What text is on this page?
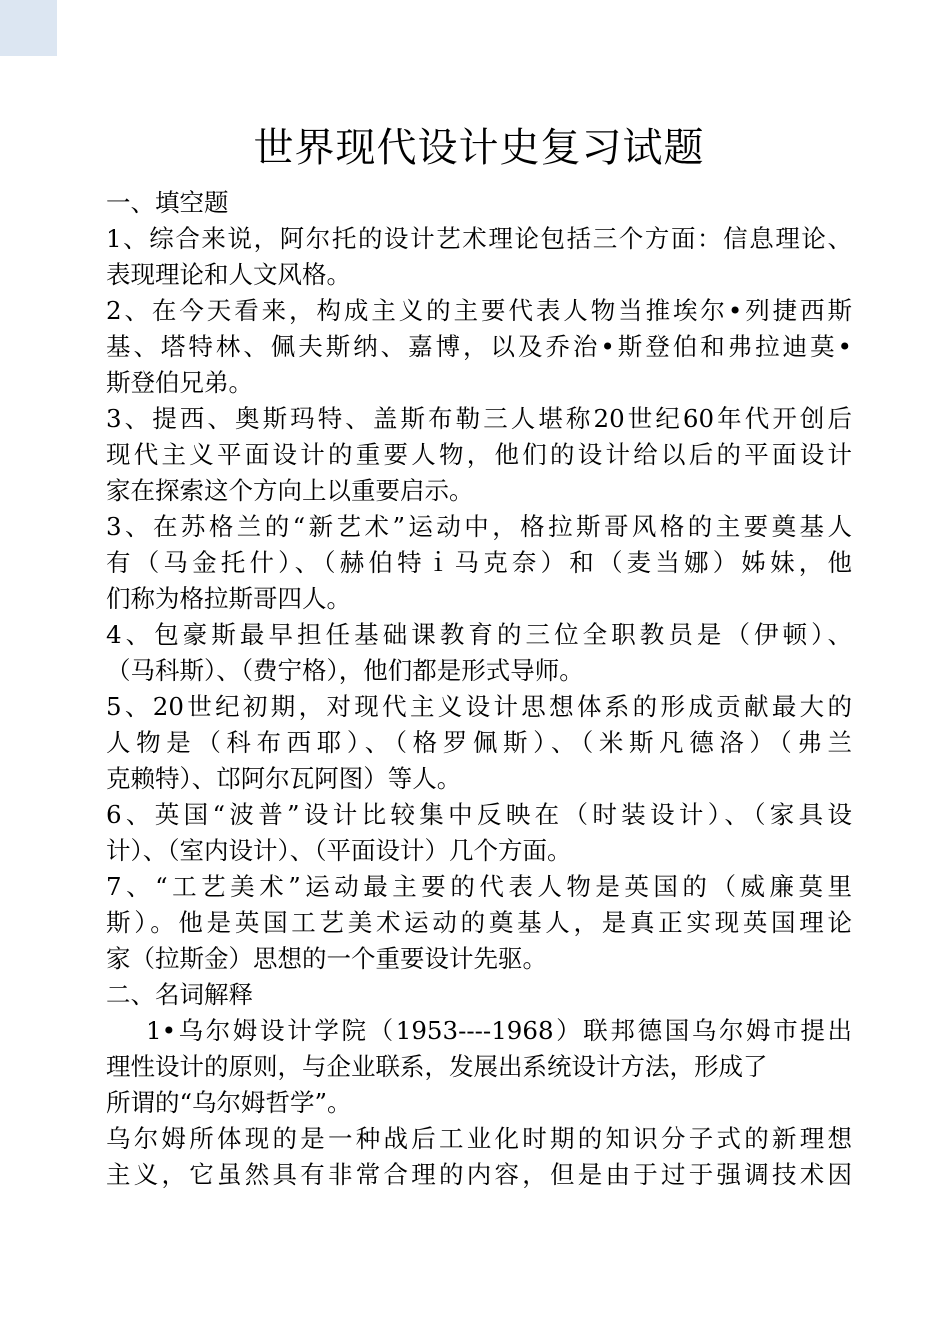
世界现代设计史复习试题
一、填空题
1、综合来说，阿尔托的设计艺术理论包括三个方面：信息理论、
表现理论和人文风格。
2、在今天看来，构成主义的主要代表人物当推埃尔•列捷西斯
基、塔特林、佩夫斯纳、嘉博，以及乔治•斯登伯和弗拉迪莫•
斯登伯兄弟。
3、提西、奥斯玛特、盖斯布勒三人堪称20世纪60年代开创后
现代主义平面设计的重要人物，他们的设计给以后的平面设计
家在探索这个方向上以重要启示。
3、在苏格兰的“新艺术”运动中，格拉斯哥风格的主要奠基人
有（马金托什）、（赫伯特ｉ马克奈）和（麦当娜）姊妹，他
们称为格拉斯哥四人。
4、包豪斯最早担任基础课教育的三位全职教员是（伊顿）、
（马科斯）、（费宁格），他们都是形式导师。
5、20世纪初期，对现代主义设计思想体系的形成贡献最大的
人物是（科布西耶）、（格罗佩斯）、（米斯凡德洛）（弗兰
克赖特）、邙阿尔瓦阿图）等人。
6、英国“波普”设计比较集中反映在（时装设计）、（家具设
计）、（室内设计）、（平面设计）几个方面。
7、“工艺美术”运动最主要的代表人物是英国的（威廉莫里
斯）。他是英国工艺美术运动的奠基人，是真正实现英国理论
家（拉斯金）思想的一个重要设计先驱。
二、名词解释
1•乌尔姆设计学院（1953----1968）联邦德国乌尔姆市提出
理性设计的原则，与企业联系，发展出系统设计方法，形成了
所谓的“乌尔姆哲学”。
乌尔姆所体现的是一种战后工业化时期的知识分子式的新理想
主义，它虽然具有非常合理的内容，但是由于过于强调技术因
